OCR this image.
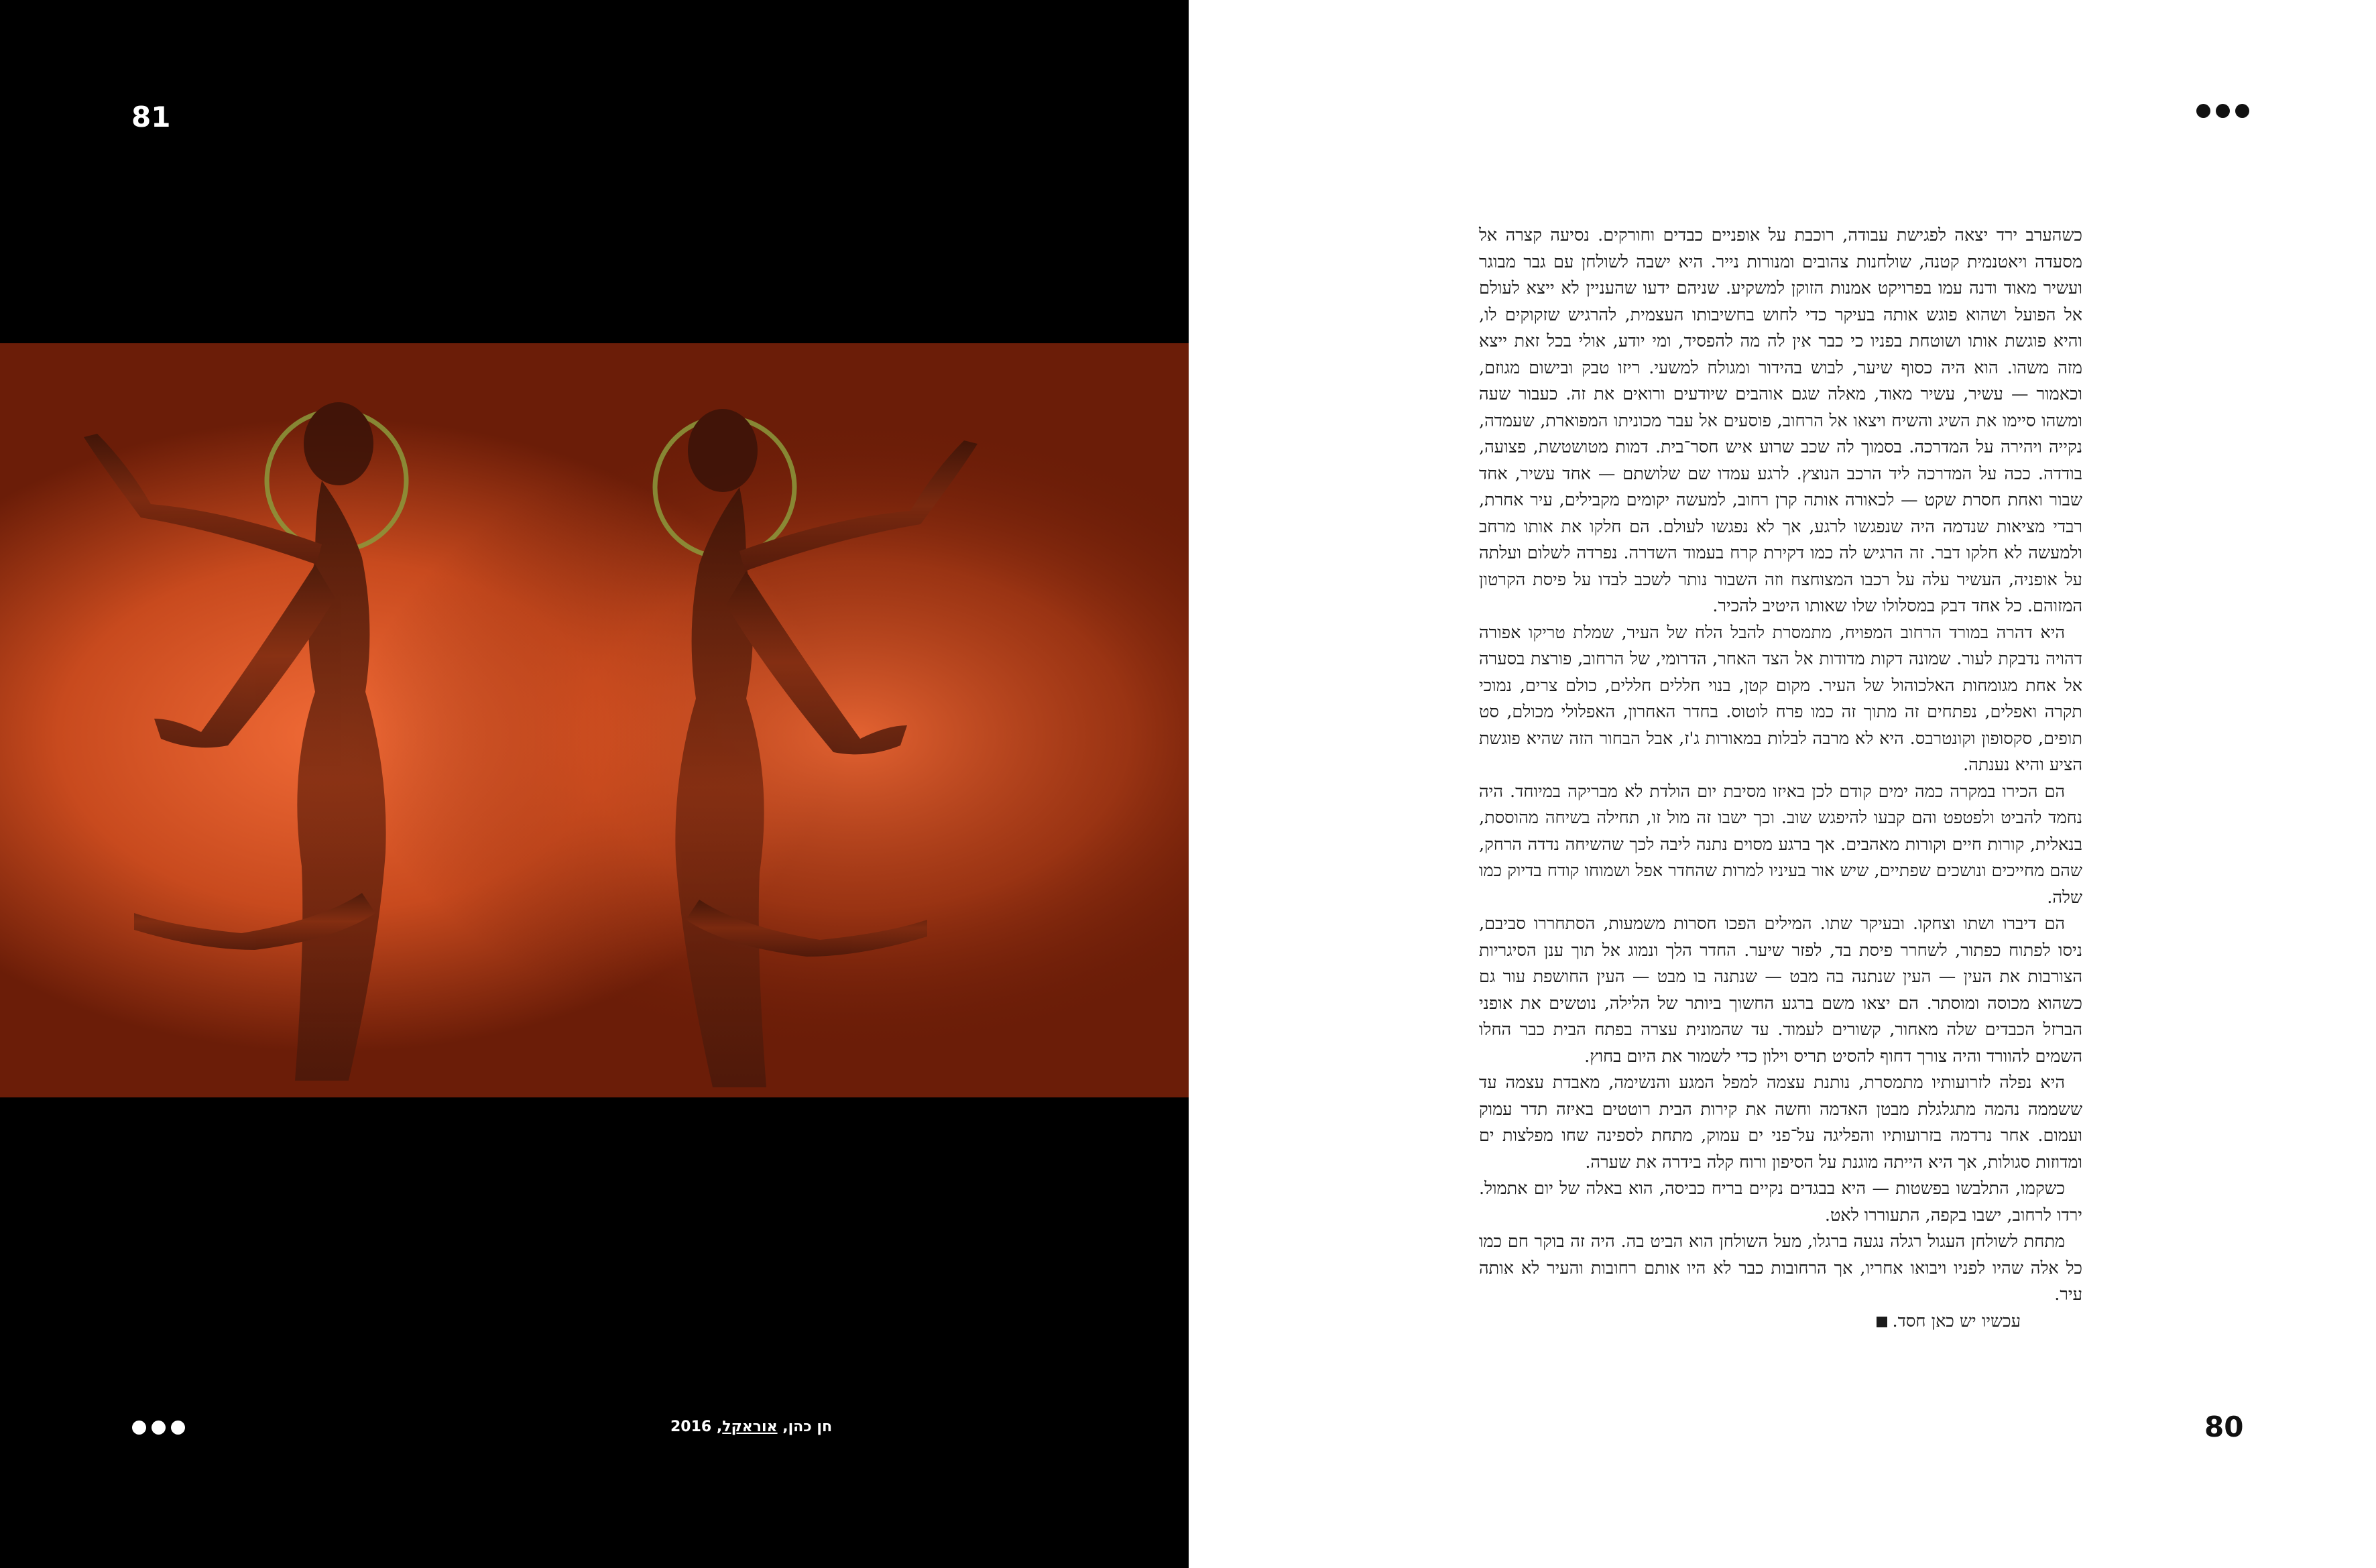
81
חן כהן, אוראקל, 2016

כשהערב ירד יצאה לפגישת עבודה, רוכבת על אופניים כבדים וחורקים. נסיעה קצרה אל מסעדה ויאטנמית קטנה, שולחנות צהובים ומנורות נייר. היא ישבה לשולחן עם גבר מבוגר ועשיר מאוד ודנה עמו בפרויקט אמנות הזוקן למשקיע. שניהם ידעו שהעניין לא ייצא לעולם אל הפועל ושהוא פוגש אותה בעיקר כדי לחוש בחשיבותו העצמית, להרגיש שזקוקים לו, והיא פוגשת אותו ושוטחת בפניו כי כבר אין לה מה להפסיד, ומי יודע, אולי בכל זאת ייצא מזה משהו. הוא היה כסוף שיער, לבוש בהידור ומגולח למשעי. ריזו טבק ובישום מגוזם, וכאמור — עשיר, עשיר מאוד, מאלה שגם אוהבים שיודעים ורואים את זה. כעבור שעה ומשהו סיימו את השיג והשיח ויצאו אל הרחוב, פוסעים אל עבר מכוניתו המפוארת, שעמדה, נקייה ויהירה על המדרכה. בסמוך לה שכב שרוע איש חסר־בית. דמות מטושטשת, פצועה, בודדה. ככה על המדרכה ליד הרכב הנוצץ. לרגע עמדו שם שלושתם — אחד עשיר, אחד שבור ואחת חסרת שקט — לכאורה אותה קרן רחוב, למעשה יקומים מקבילים, עיר אחרת, רבדי מציאות שנדמה היה שנפגשו לרגע, אך לא נפגשו לעולם. הם חלקו את אותו מרחב ולמעשה לא חלקו דבר. זה הרגיש לה כמו דקירת קרח בעמוד השדרה. נפרדה לשלום ועלתה על אופניה, העשיר עלה על רכבו המצוחצח וזה השבור נותר לשכב לבדו על פיסת הקרטון המזוהם. כל אחד דבק במסלולו שלו שאותו היטיב להכיר.

היא דהרה במורד הרחוב המפויח, מתמסרת להבל הלח של העיר, שמלת טריקו אפורה דהויה נדבקת לעור. שמונה דקות מדודות אל הצד האחר, הדרומי, של הרחוב, פורצת בסערה אל אחת מגומחות האלכוהול של העיר. מקום קטן, בנוי חללים חללים, כולם צרים, נמוכי תקרה ואפלים, נפתחים זה מתוך זה כמו פרח לוטוס. בחדר האחרון, האפלולי מכולם, סט תופים, סקסופון וקונטרבס. היא לא מרבה לבלות במאורות ג'ז, אבל הבחור הזה שהיא פוגשת הציע והיא נענתה.

הם הכירו במקרה כמה ימים קודם לכן באיזו מסיבת יום הולדת לא מבריקה במיוחד. היה נחמד להביט ולפטפט והם קבעו להיפגש שוב. וכך ישבו זה מול זו, תחילה בשיחה מהוססת, בנאלית, קורות חיים וקורות מאהבים. אך ברגע מסוים נתנה ליבה לכך שהשיחה נדדה הרחק, שהם מחייכים ונושכים שפתיים, שיש אור בעיניו למרות שהחדר אפל ושמוחו קודח בדיוק כמו שלה.

הם דיברו ושתו וצחקו. ובעיקר שתו. המילים הפכו חסרות משמעות, הסתחררו סביבם, ניסו לפתוח כפתור, לשחרר פיסת בד, לפזר שיער. החדר הלך ונמוג אל תוך ענן הסיגריות הצורבות את העין — העין שנתנה בה מבט — שנתנה בו מבט — העין החושפת עור גם כשהוא מכוסה ומוסתר. הם יצאו משם ברגע החשוך ביותר של הלילה, נוטשים את אופני הברזל הכבדים שלה מאחור, קשורים לעמוד. עד שהמונית עצרה בפתח הבית כבר החלו השמים להוורד והיה צורך דחוף להסיט תריס וילון כדי לשמור את היום בחוץ.

היא נפלה לזרועותיו מתמסרת, נותנת עצמה למפל המגע והנשימה, מאבדת עצמה עד ששממה נהמה מתגלגלת מבטן האדמה וחשה את קירות הבית רוטטים באיזה תדר עמוק ועמום. אחר נרדמה בזרועותיו והפליגה על־פני ים עמוק, מתחת לספינה שחו מפלצות ים ומדוזות סגולות, אך היא הייתה מוגנת על הסיפון ורוח קלה בידרה את שערה.

כשקמו, התלבשו בפשטות — היא בבגדים נקיים בריח כביסה, הוא באלה של יום אתמול. ירדו לרחוב, ישבו בקפה, התעוררו לאט.

מתחת לשולחן העגול רגלה נגעה ברגלו, מעל השולחן הוא הביט בה. היה זה בוקר חם כמו כל אלה שהיו לפניו ויבואו אחריו, אך הרחובות כבר לא היו אותם רחובות והעיר לא אותה עיר.

עכשיו יש כאן חסד.

80
